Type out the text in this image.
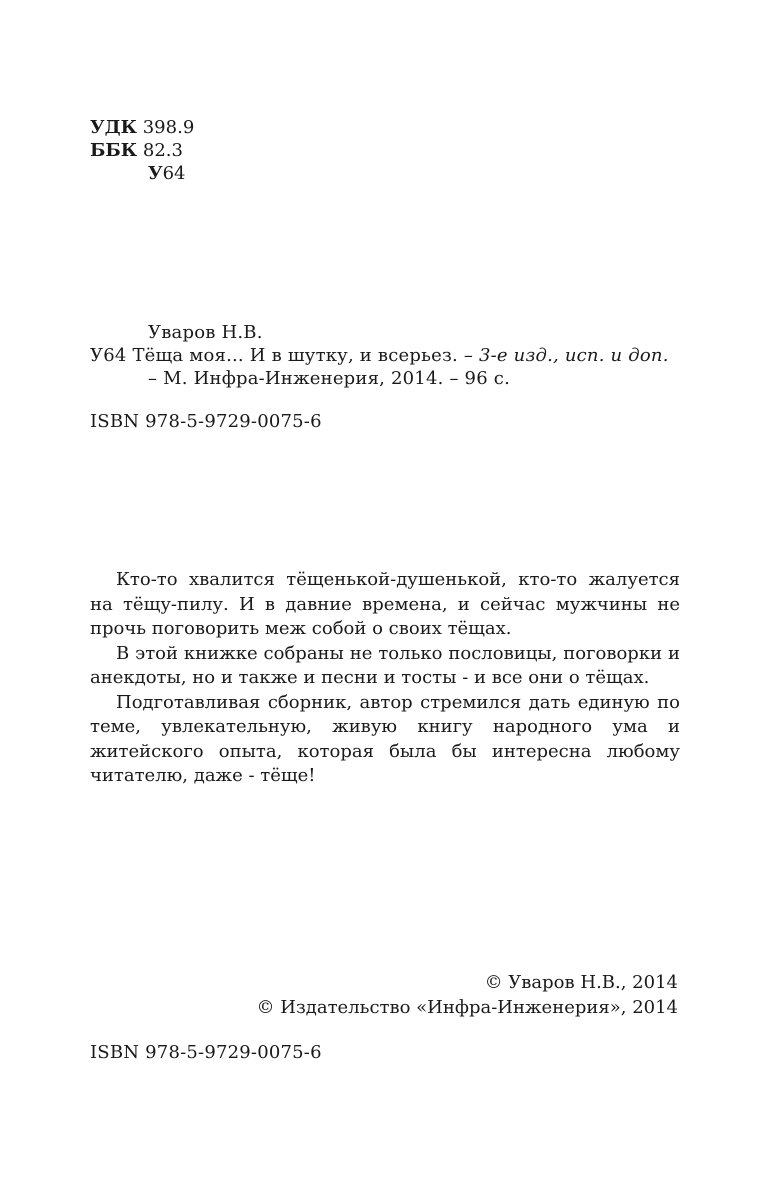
УДК 398.9
ББК 82.3
У64
Уваров Н.В.
У64 Тёща моя... И в шутку, и всерьез. – 3-е изд., исп. и доп.
– М. Инфра-Инженерия, 2014. – 96 с.
ISBN 978-5-9729-0075-6

Кто-то хвалится тёщенькой-душенькой, кто-то жалуется на тёщу-пилу. И в давние времена, и сейчас мужчины не прочь поговорить меж собой о своих тёщах.

В этой книжке собраны не только пословицы, поговорки и анекдоты, но и также и песни и тосты - и все они о тёщах.

Подготавливая сборник, автор стремился дать единую по теме, увлекательную, живую книгу народного ума и житейского опыта, которая была бы интересна любому читателю, даже - тёще!

© Уваров Н.В., 2014
© Издательство «Инфра-Инженерия», 2014
ISBN 978-5-9729-0075-6
